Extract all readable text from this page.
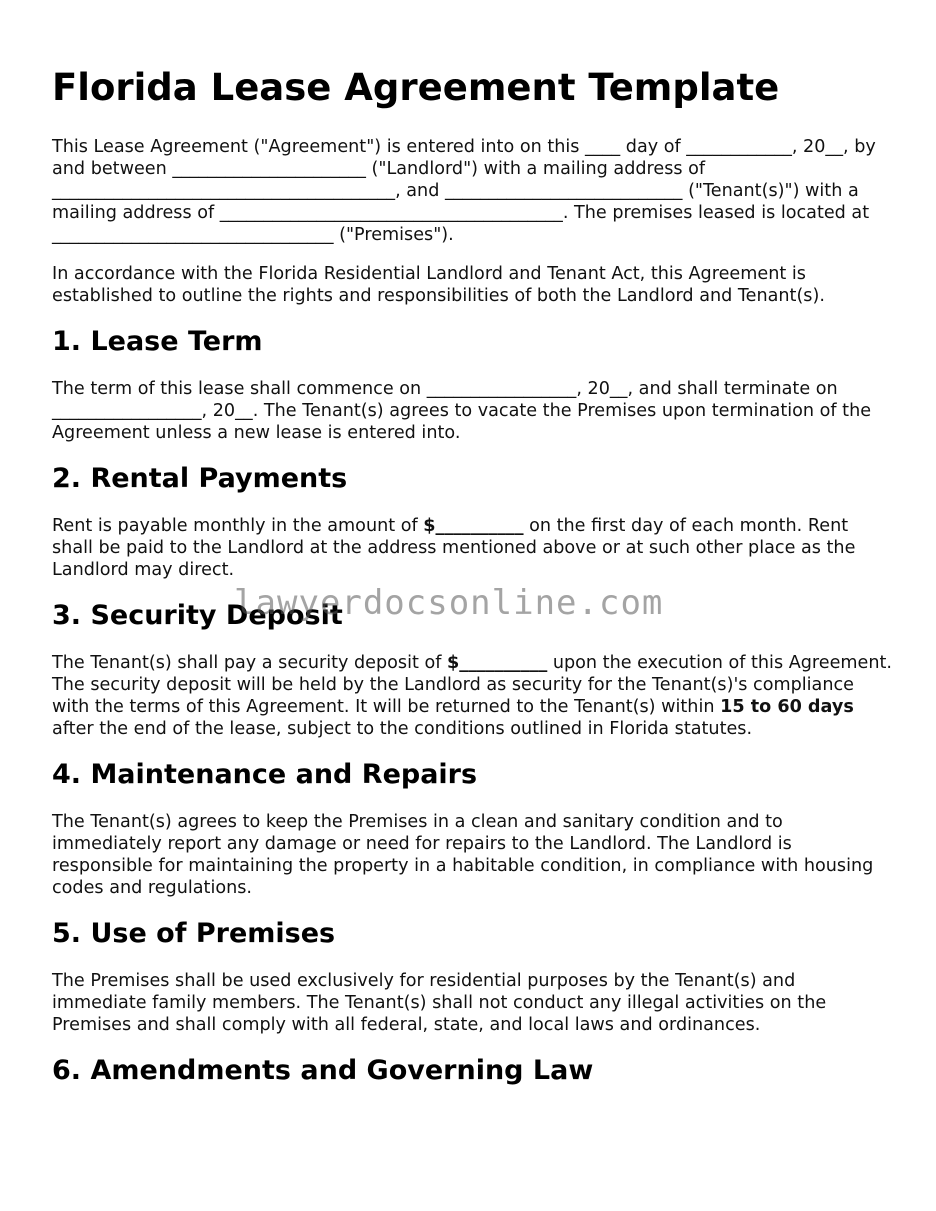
Florida Lease Agreement Template

This Lease Agreement ("Agreement") is entered into on this ____ day of ____________, 20__, by and between ______________________ ("Landlord") with a mailing address of _______________________________________, and ___________________________ ("Tenant(s)") with a mailing address of _______________________________________. The premises leased is located at ________________________________ ("Premises").

In accordance with the Florida Residential Landlord and Tenant Act, this Agreement is established to outline the rights and responsibilities of both the Landlord and Tenant(s).

1. Lease Term

The term of this lease shall commence on _________________, 20__, and shall terminate on _________________, 20__. The Tenant(s) agrees to vacate the Premises upon termination of the Agreement unless a new lease is entered into.

2. Rental Payments

Rent is payable monthly in the amount of $__________ on the first day of each month. Rent shall be paid to the Landlord at the address mentioned above or at such other place as the Landlord may direct.

3. Security Deposit

The Tenant(s) shall pay a security deposit of $__________ upon the execution of this Agreement. The security deposit will be held by the Landlord as security for the Tenant(s)'s compliance with the terms of this Agreement. It will be returned to the Tenant(s) within 15 to 60 days after the end of the lease, subject to the conditions outlined in Florida statutes.

4. Maintenance and Repairs

The Tenant(s) agrees to keep the Premises in a clean and sanitary condition and to immediately report any damage or need for repairs to the Landlord. The Landlord is responsible for maintaining the property in a habitable condition, in compliance with housing codes and regulations.

5. Use of Premises

The Premises shall be used exclusively for residential purposes by the Tenant(s) and immediate family members. The Tenant(s) shall not conduct any illegal activities on the Premises and shall comply with all federal, state, and local laws and ordinances.

6. Amendments and Governing Law
lawyerdocsonline.com
